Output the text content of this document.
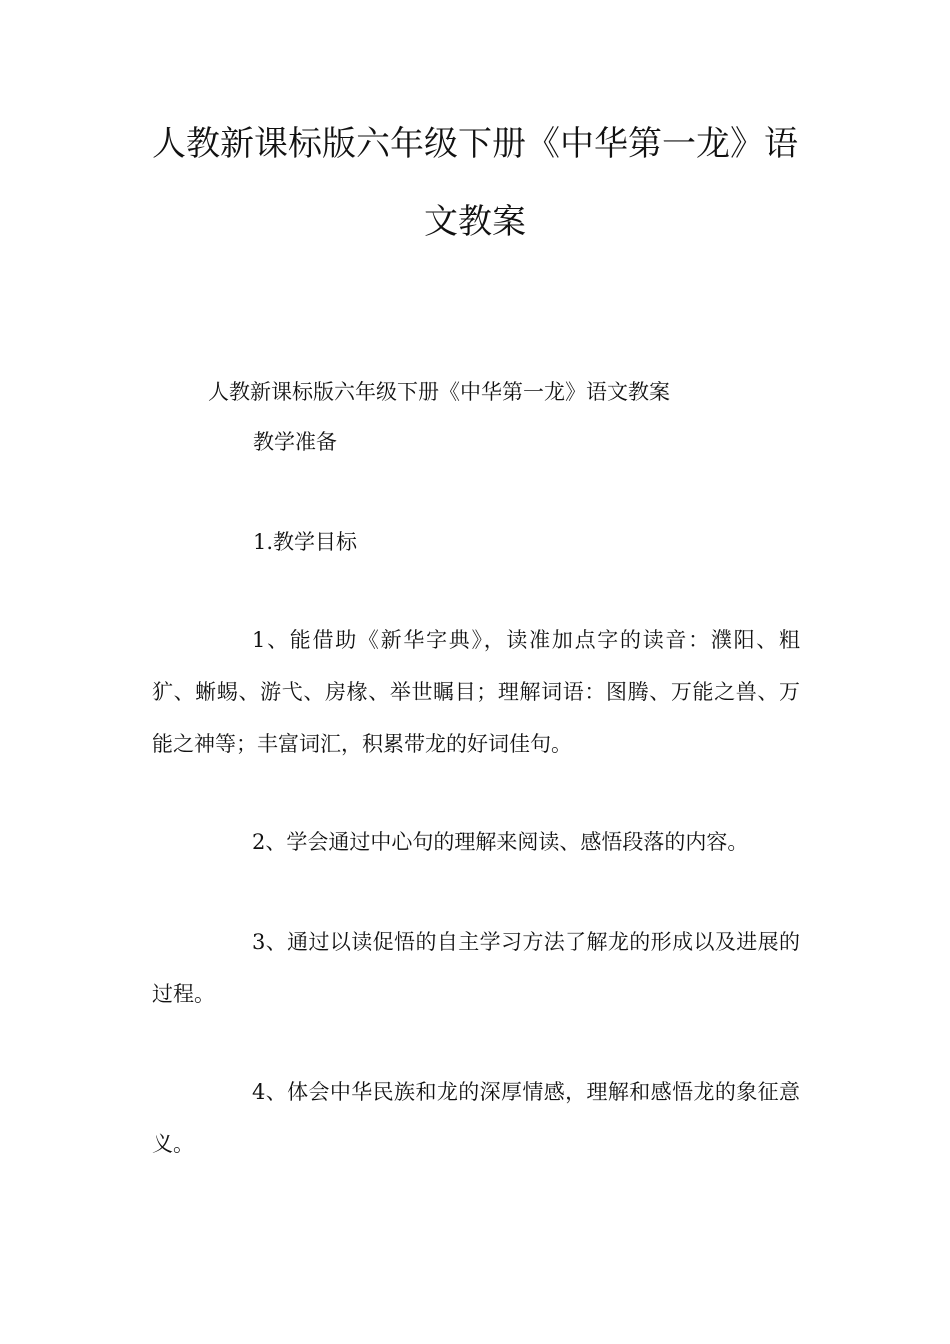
人教新课标版六年级下册《中华第一龙》语
文教案

人教新课标版六年级下册《中华第一龙》语文教案

教学准备

1.教学目标

1、能借助《新华字典》，读准加点字的读音：濮阳、粗犷、蜥蜴、游弋、房椽、举世瞩目；理解词语：图腾、万能之兽、万能之神等；丰富词汇，积累带龙的好词佳句。

2、学会通过中心句的理解来阅读、感悟段落的内容。

3、通过以读促悟的自主学习方法了解龙的形成以及进展的过程。

4、体会中华民族和龙的深厚情感，理解和感悟龙的象征意义。
